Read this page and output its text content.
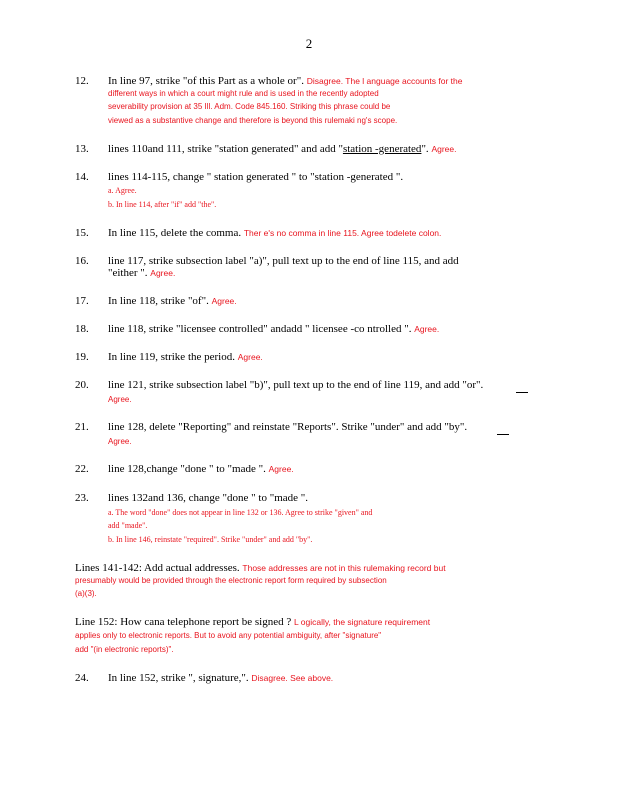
2
12. In line 97, strike "of this Part as a whole or". Disagree. The l anguage accounts for the
different ways in which a court might rule and is used in the recently adopted
severability provision at 35 Ill. Adm. Code 845.160. Striking this phrase could be
viewed as a substantive change and therefore is beyond this rulemaki ng's scope.
13. lines 110and 111, strike "station generated" and add "station -generated". Agree.
14. lines 114-115, change " station generated " to "station -generated ".
a. Agree.
b. In line 114, after "if" add "the".
15. In line 115, delete the comma. Ther e's no comma in line 115. Agree todelete colon.
16. line 117, strike subsection label "a)", pull text up to the end of line 115, and add
"either ". Agree.
17. In line 118, strike "of". Agree.
18. line 118, strike "licensee controlled" andadd " licensee -co ntrolled ". Agree.
19. In line 119, strike the period. Agree.
20. line 121, strike subsection label "b)", pull text up to the end of line 119, and add "or".
Agree.
21. line 128, delete "Reporting" and reinstate "Reports". Strike "under" and add "by".
Agree.
22. line 128,change "done " to "made ". Agree.
23. lines 132and 136, change "done " to "made ".
a. The word "done" does not appear in line 132 or 136. Agree to strike "given" and
add "made".
b. In line 146, reinstate "required". Strike "under" and add "by".
Lines 141-142: Add actual addresses. Those addresses are not in this rulemaking record but
presumably would be provided through the electronic report form required by subsection
(a)(3).
Line 152: How cana telephone report be signed ? L ogically, the signature requirement
applies only to electronic reports. But to avoid any potential ambiguity, after "signature"
add "(in electronic reports)".
24. In line 152, strike ", signature,". Disagree. See above.
